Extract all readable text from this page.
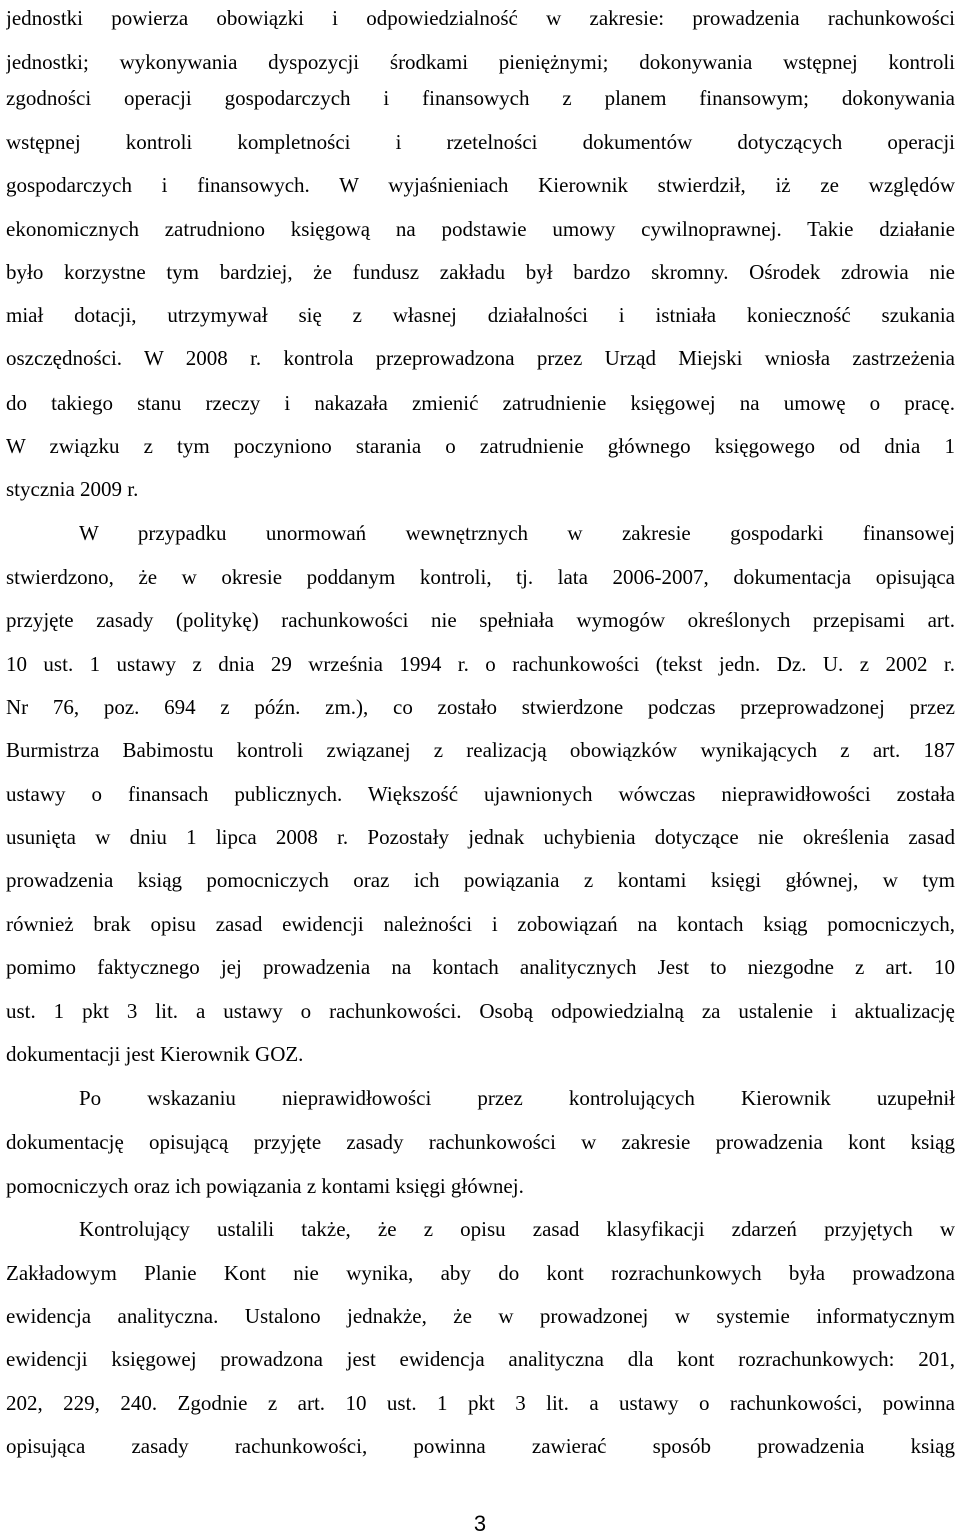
jednostki powierza obowiązki i odpowiedzialność w zakresie: prowadzenia rachunkowości
jednostki; wykonywania dyspozycji środkami pieniężnymi; dokonywania wstępnej kontroli
zgodności operacji gospodarczych i finansowych z planem finansowym; dokonywania
wstępnej kontroli kompletności i rzetelności dokumentów dotyczących operacji
gospodarczych i finansowych. W wyjaśnieniach Kierownik stwierdził, iż ze względów
ekonomicznych zatrudniono księgową na podstawie umowy cywilnoprawnej. Takie działanie
było korzystne tym bardziej, że fundusz zakładu był bardzo skromny. Ośrodek zdrowia nie
miał dotacji, utrzymywał się z własnej działalności i istniała konieczność szukania
oszczędności. W 2008 r. kontrola przeprowadzona przez Urząd Miejski wniosła zastrzeżenia
do takiego stanu rzeczy i nakazała zmienić zatrudnienie księgowej na umowę o pracę.
W związku z tym poczyniono starania o zatrudnienie głównego księgowego od dnia 1
stycznia 2009 r.
W przypadku unormowań wewnętrznych w zakresie gospodarki finansowej
stwierdzono, że w okresie poddanym kontroli, tj. lata 2006-2007, dokumentacja opisująca
przyjęte zasady (politykę) rachunkowości nie spełniała wymogów określonych przepisami art.
10 ust. 1 ustawy z dnia 29 września 1994 r. o rachunkowości (tekst jedn. Dz. U. z 2002 r.
Nr 76, poz. 694 z późn. zm.), co zostało stwierdzone podczas przeprowadzonej przez
Burmistrza Babimostu kontroli związanej z realizacją obowiązków wynikających z art. 187
ustawy o finansach publicznych. Większość ujawnionych wówczas nieprawidłowości została
usunięta w dniu 1 lipca 2008 r. Pozostały jednak uchybienia dotyczące nie określenia zasad
prowadzenia ksiąg pomocniczych oraz ich powiązania z kontami księgi głównej, w tym
również brak opisu zasad ewidencji należności i zobowiązań na kontach ksiąg pomocniczych,
pomimo faktycznego jej prowadzenia na kontach analitycznych Jest to niezgodne z art. 10
ust. 1 pkt 3 lit. a ustawy o rachunkowości. Osobą odpowiedzialną za ustalenie i aktualizację
dokumentacji jest Kierownik GOZ.
Po wskazaniu nieprawidłowości przez kontrolujących Kierownik uzupełnił
dokumentację opisującą przyjęte zasady rachunkowości w zakresie prowadzenia kont ksiąg
pomocniczych oraz ich powiązania z kontami księgi głównej.
Kontrolujący ustalili także, że z opisu zasad klasyfikacji zdarzeń przyjętych w
Zakładowym Planie Kont nie wynika, aby do kont rozrachunkowych była prowadzona
ewidencja analityczna. Ustalono jednakże, że w prowadzonej w systemie informatycznym
ewidencji księgowej prowadzona jest ewidencja analityczna dla kont rozrachunkowych: 201,
202, 229, 240. Zgodnie z art. 10 ust. 1 pkt 3 lit. a ustawy o rachunkowości, powinna
opisująca zasady rachunkowości, powinna zawierać sposób prowadzenia ksiąg
3
